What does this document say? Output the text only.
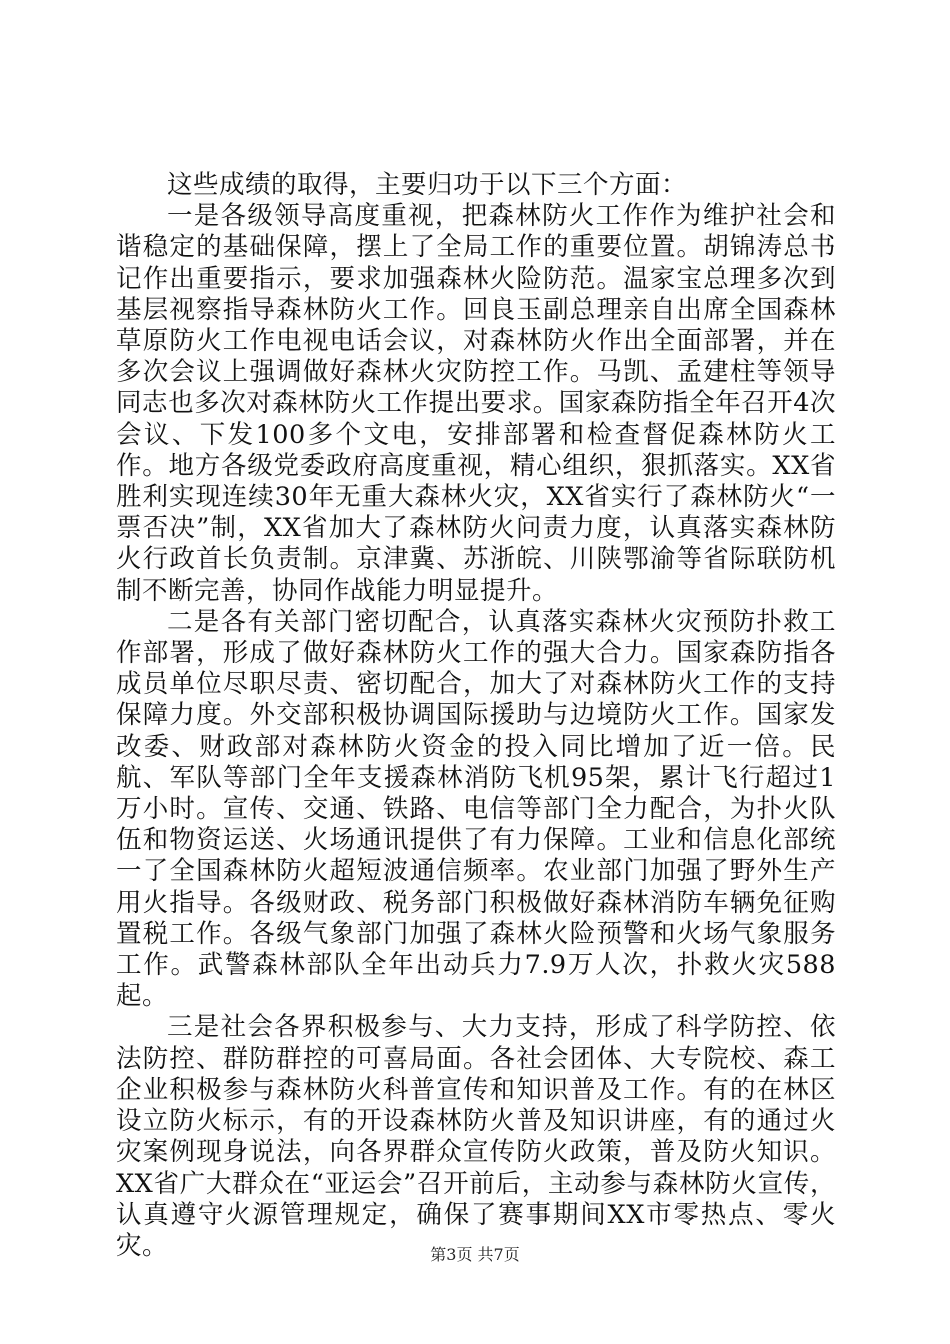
这些成绩的取得，主要归功于以下三个方面：

一是各级领导高度重视，把森林防火工作作为维护社会和谐稳定的基础保障，摆上了全局工作的重要位置。胡锦涛总书记作出重要指示，要求加强森林火险防范。温家宝总理多次到基层视察指导森林防火工作。回良玉副总理亲自出席全国森林草原防火工作电视电话会议，对森林防火作出全面部署，并在多次会议上强调做好森林火灾防控工作。马凯、孟建柱等领导同志也多次对森林防火工作提出要求。国家森防指全年召开4次会议、下发100多个文电，安排部署和检查督促森林防火工作。地方各级党委政府高度重视，精心组织，狠抓落实。XX省胜利实现连续30年无重大森林火灾，XX省实行了森林防火“一票否决”制，XX省加大了森林防火问责力度，认真落实森林防火行政首长负责制。京津冀、苏浙皖、川陕鄂渝等省际联防机制不断完善，协同作战能力明显提升。

二是各有关部门密切配合，认真落实森林火灾预防扑救工作部署，形成了做好森林防火工作的强大合力。国家森防指各成员单位尽职尽责、密切配合，加大了对森林防火工作的支持保障力度。外交部积极协调国际援助与边境防火工作。国家发改委、财政部对森林防火资金的投入同比增加了近一倍。民航、军队等部门全年支援森林消防飞机95架，累计飞行超过1万小时。宣传、交通、铁路、电信等部门全力配合，为扑火队伍和物资运送、火场通讯提供了有力保障。工业和信息化部统一了全国森林防火超短波通信频率。农业部门加强了野外生产用火指导。各级财政、税务部门积极做好森林消防车辆免征购置税工作。各级气象部门加强了森林火险预警和火场气象服务工作。武警森林部队全年出动兵力7.9万人次，扑救火灾588起。

三是社会各界积极参与、大力支持，形成了科学防控、依法防控、群防群控的可喜局面。各社会团体、大专院校、森工企业积极参与森林防火科普宣传和知识普及工作。有的在林区设立防火标示，有的开设森林防火普及知识讲座，有的通过火灾案例现身说法，向各界群众宣传防火政策，普及防火知识。XX省广大群众在“亚运会”召开前后，主动参与森林防火宣传，认真遵守火源管理规定，确保了赛事期间XX市零热点、零火灾。	第3页 共7页
